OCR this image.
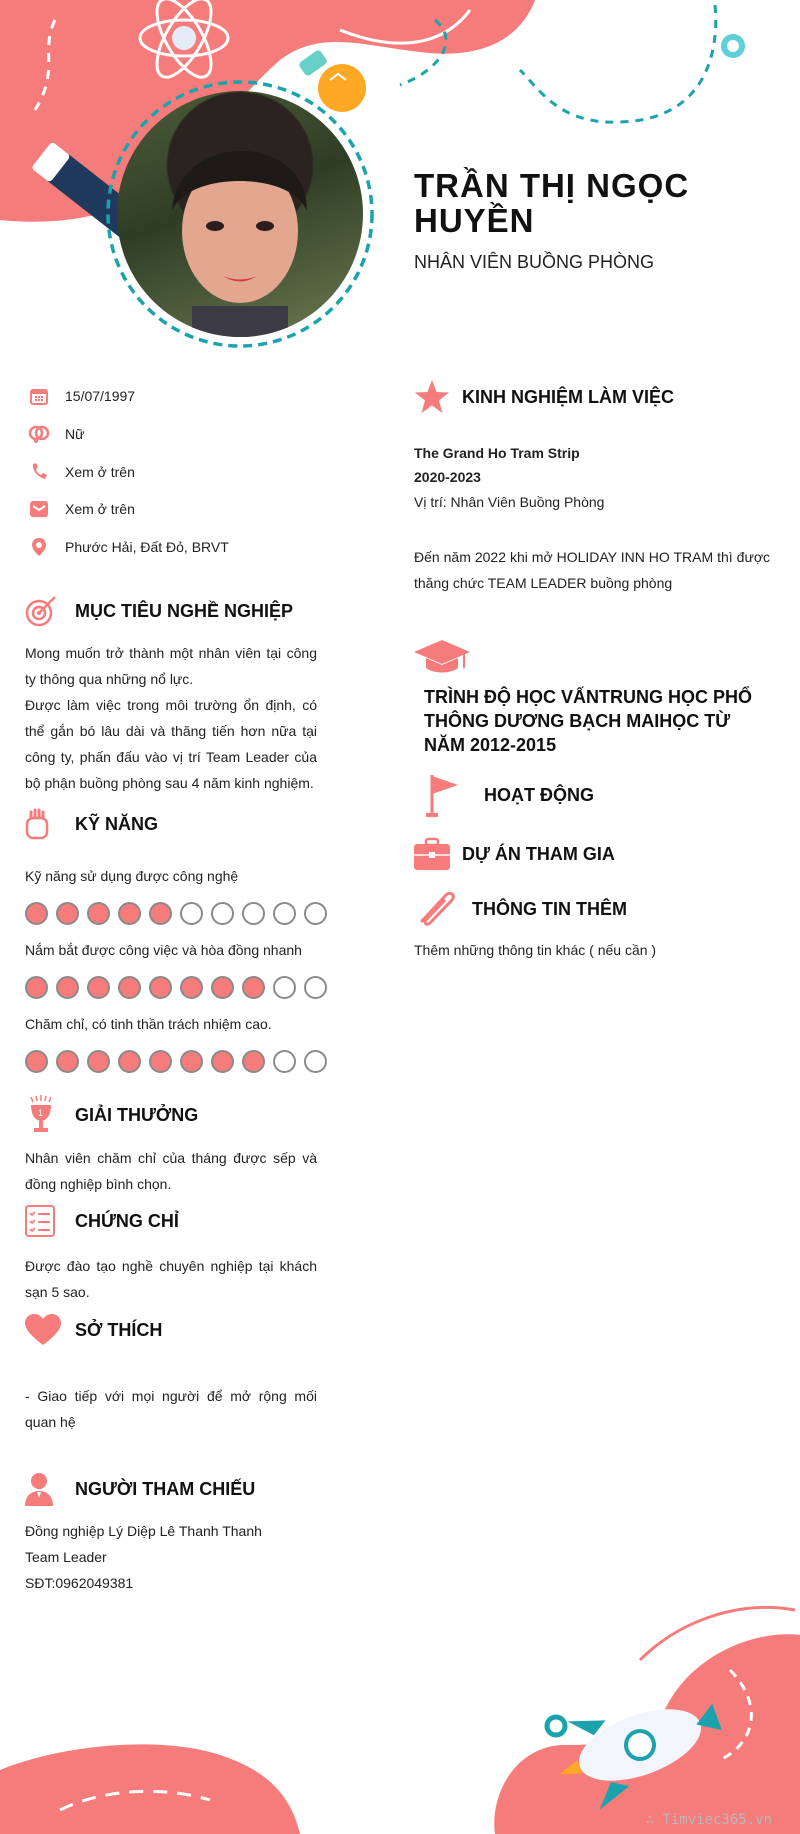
TRẦN THỊ NGỌC HUYỀN
NHÂN VIÊN BUỒNG PHÒNG
15/07/1997
Nữ
Xem ở trên
Xem ở trên
Phước Hải, Đất Đỏ, BRVT
MỤC TIÊU NGHỀ NGHIỆP
Mong muốn trở thành một nhân viên tại công ty thông qua những nổ lực.
Được làm việc trong môi trường ổn định, có thể gắn bó lâu dài và thăng tiến hơn nữa tại công ty, phấn đấu vào vị trí Team Leader của bộ phận buồng phòng sau 4 năm kinh nghiệm.
KỸ NĂNG
Kỹ năng sử dụng được công nghệ
Nắm bắt được công việc và hòa đồng nhanh
Chăm chỉ, có tinh thần trách nhiệm cao.
1 GIẢI THƯỞNG
Nhân viên chăm chỉ của tháng được sếp và đồng nghiệp bình chọn.
CHỨNG CHỈ
Được đào tạo nghề chuyên nghiệp tại khách sạn 5 sao.
SỞ THÍCH
- Giao tiếp với mọi người để mở rộng mối quan hệ
NGƯỜI THAM CHIẾU
Đồng nghiệp Lý Diệp Lê Thanh Thanh
Team Leader
SĐT:0962049381
KINH NGHIỆM LÀM VIỆC
The Grand Ho Tram Strip
2020-2023
Vị trí: Nhân Viên Buồng Phòng
Đến năm 2022 khi mở HOLIDAY INN HO TRAM thì được thăng chức TEAM LEADER buồng phòng
TRÌNH ĐỘ HỌC VẤNTRUNG HỌC PHỔ THÔNG DƯƠNG BẠCH MAIHỌC TỪ NĂM 2012-2015
HOẠT ĐỘNG
DỰ ÁN THAM GIA
THÔNG TIN THÊM
Thêm những thông tin khác ( nếu cần )
∴ Timviec365.vn
